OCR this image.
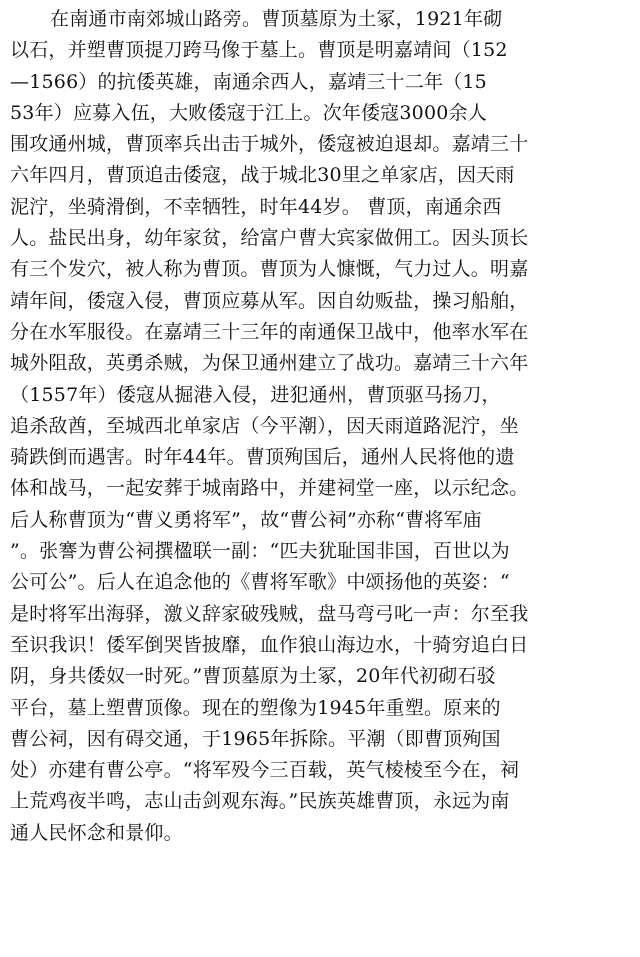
在南通市南郊城山路旁。曹顶墓原为土冢，1921年砌
以石，并塑曹顶提刀跨马像于墓上。曹顶是明嘉靖间（152
—1566）的抗倭英雄，南通余西人，嘉靖三十二年（15
53年）应募入伍，大败倭寇于江上。次年倭寇3000余人
围攻通州城，曹顶率兵出击于城外，倭寇被迫退却。嘉靖三十
六年四月，曹顶追击倭寇，战于城北30里之单家店，因天雨
泥泞，坐骑滑倒，不幸牺牲，时年44岁。 曹顶，南通余西
人。盐民出身，幼年家贫，给富户曹大宾家做佣工。因头顶长
有三个发穴，被人称为曹顶。曹顶为人慷慨，气力过人。明嘉
靖年间，倭寇入侵，曹顶应募从军。因自幼贩盐，操习船舶，
分在水军服役。在嘉靖三十三年的南通保卫战中，他率水军在
城外阻敌，英勇杀贼，为保卫通州建立了战功。嘉靖三十六年
（1557年）倭寇从掘港入侵，进犯通州，曹顶驱马扬刀，
追杀敌酋，至城西北单家店（今平潮），因天雨道路泥泞，坐
骑跌倒而遇害。时年44年。曹顶殉国后，通州人民将他的遗
体和战马，一起安葬于城南路中，并建祠堂一座，以示纪念。
后人称曹顶为“曹义勇将军”，故“曹公祠”亦称“曹将军庙
”。张謇为曹公祠撰楹联一副：“匹夫犹耻国非国，百世以为
公可公”。后人在追念他的《曹将军歌》中颂扬他的英姿：“
是时将军出海驿，激义辞家破残贼，盘马弯弓叱一声：尔至我
至识我识！倭军倒哭皆披靡，血作狼山海边水，十骑穷追白日
阴，身共倭奴一时死。”曹顶墓原为土冢，20年代初砌石驳
平台，墓上塑曹顶像。现在的塑像为1945年重塑。原来的
曹公祠，因有碍交通，于1965年拆除。平潮（即曹顶殉国
处）亦建有曹公亭。“将军殁今三百载，英气棱棱至今在，祠
上荒鸡夜半鸣，志山击剑观东海。”民族英雄曹顶，永远为南
通人民怀念和景仰。
